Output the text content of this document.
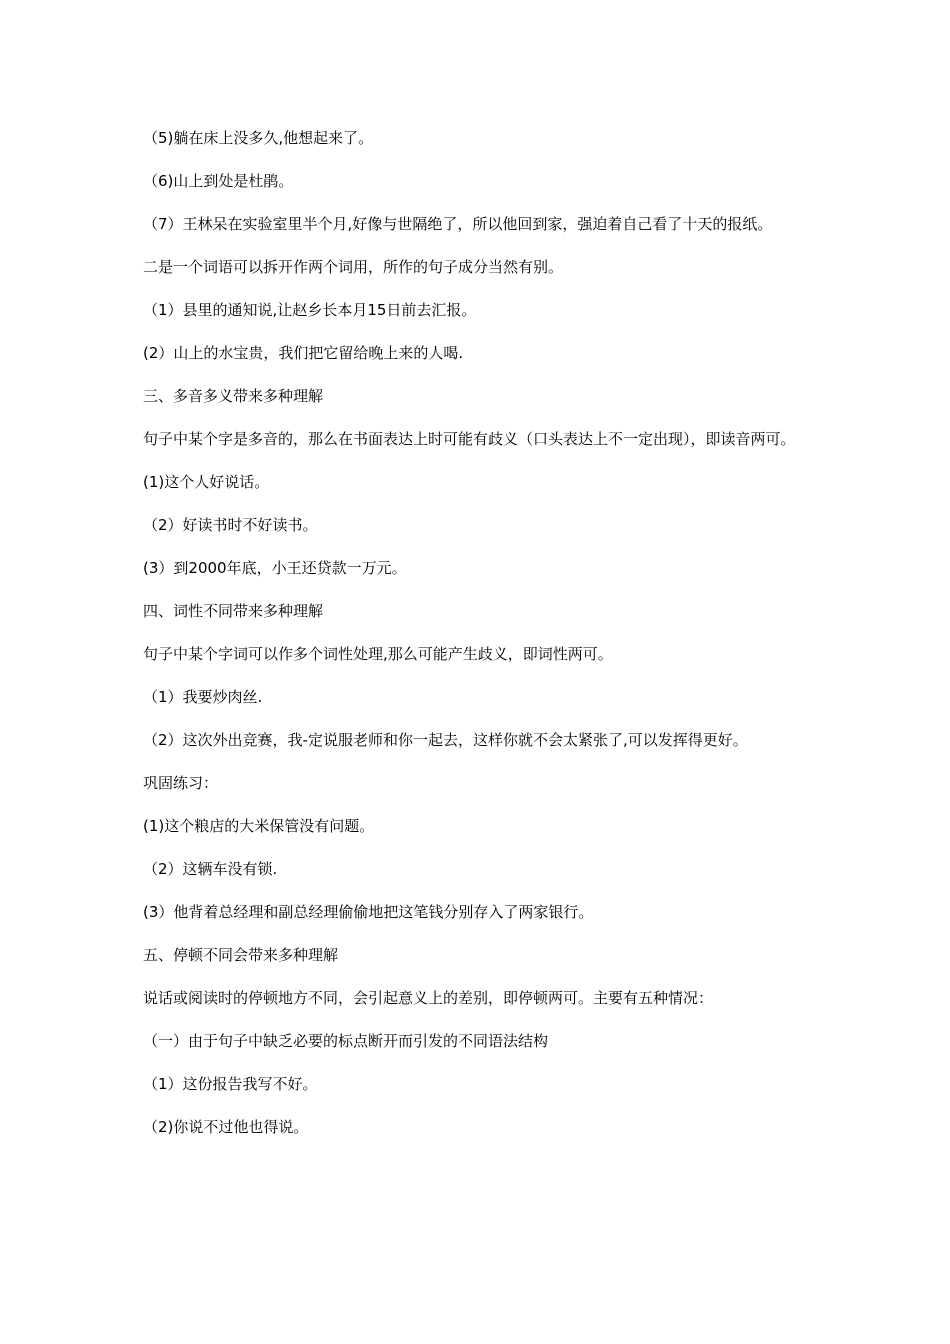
（5)躺在床上没多久,他想起来了。

（6)山上到处是杜鹃。

（7）王林呆在实验室里半个月,好像与世隔绝了，所以他回到家，强迫着自己看了十天的报纸。

二是一个词语可以拆开作两个词用，所作的句子成分当然有别。

（1）县里的通知说,让赵乡长本月15日前去汇报。

(2）山上的水宝贵，我们把它留给晚上来的人喝.

三、多音多义带来多种理解

句子中某个字是多音的，那么在书面表达上时可能有歧义（口头表达上不一定出现），即读音两可。

(1)这个人好说话。

（2）好读书时不好读书。

(3）到2000年底，小王还贷款一万元。

四、词性不同带来多种理解

句子中某个字词可以作多个词性处理,那么可能产生歧义，即词性两可。

（1）我要炒肉丝.

（2）这次外出竞赛，我-定说服老师和你一起去，这样你就不会太紧张了,可以发挥得更好。

巩固练习：

(1)这个粮店的大米保管没有问题。

（2）这辆车没有锁.

(3）他背着总经理和副总经理偷偷地把这笔钱分别存入了两家银行。

五、停顿不同会带来多种理解

说话或阅读时的停顿地方不同，会引起意义上的差别，即停顿两可。主要有五种情况：

（一）由于句子中缺乏必要的标点断开而引发的不同语法结构

（1）这份报告我写不好。

（2)你说不过他也得说。
